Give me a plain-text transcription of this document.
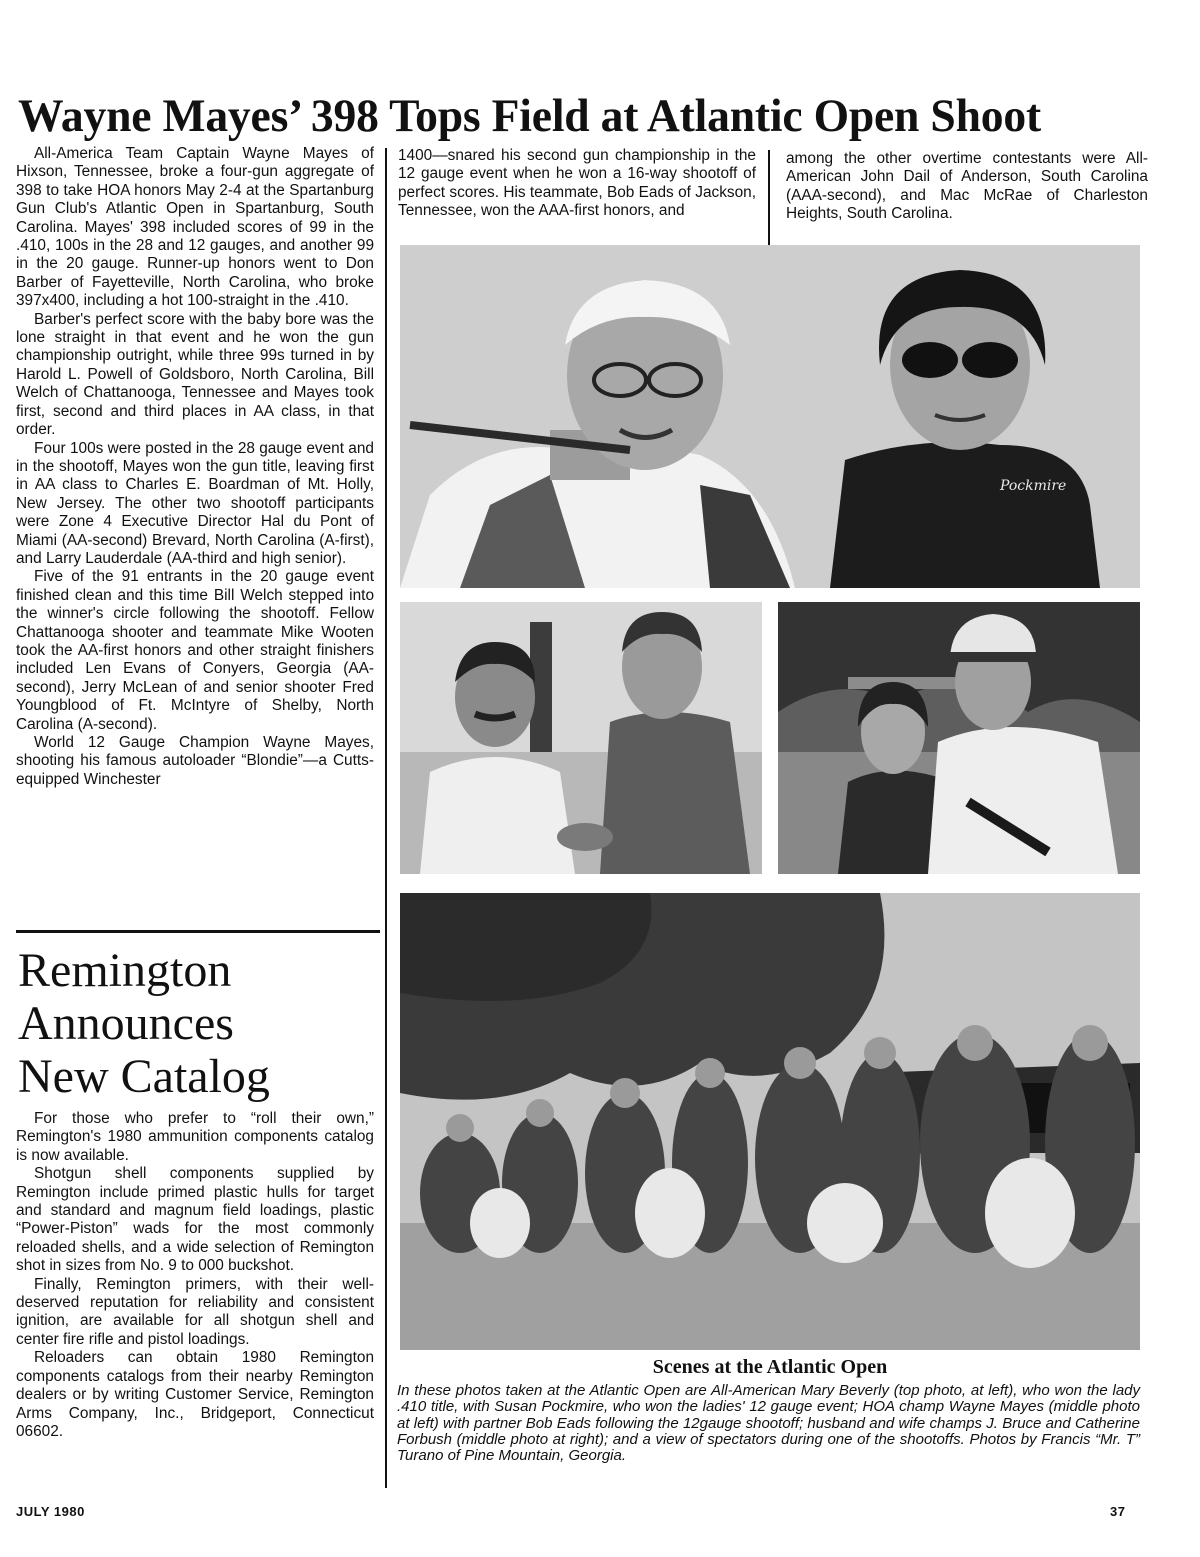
Wayne Mayes’ 398 Tops Field at Atlantic Open Shoot

All-America Team Captain Wayne Mayes of Hixson, Tennessee, broke a four-gun aggregate of 398 to take HOA honors May 2-4 at the Spartanburg Gun Club's Atlantic Open in Spartanburg, South Carolina. Mayes' 398 included scores of 99 in the .410, 100s in the 28 and 12 gauges, and another 99 in the 20 gauge. Runner-up honors went to Don Barber of Fayetteville, North Carolina, who broke 397x400, including a hot 100-straight in the .410.

Barber's perfect score with the baby bore was the lone straight in that event and he won the gun championship outright, while three 99s turned in by Harold L. Powell of Goldsboro, North Carolina, Bill Welch of Chattanooga, Tennessee and Mayes took first, second and third places in AA class, in that order.

Four 100s were posted in the 28 gauge event and in the shootoff, Mayes won the gun title, leaving first in AA class to Charles E. Boardman of Mt. Holly, New Jersey. The other two shootoff participants were Zone 4 Executive Director Hal du Pont of Miami (AA-second) Brevard, North Carolina (A-first), and Larry Lauderdale (AA-third and high senior).

Five of the 91 entrants in the 20 gauge event finished clean and this time Bill Welch stepped into the winner's circle following the shootoff. Fellow Chattanooga shooter and teammate Mike Wooten took the AA-first honors and other straight finishers included Len Evans of Conyers, Georgia (AA-second), Jerry McLean of and senior shooter Fred Youngblood of Ft. McIntyre of Shelby, North Carolina (A-second).

World 12 Gauge Champion Wayne Mayes, shooting his famous autoloader “Blondie”—a Cutts-equipped Winchester

1400—snared his second gun championship in the 12 gauge event when he won a 16-way shootoff of perfect scores. His teammate, Bob Eads of Jackson, Tennessee, won the AAA-first honors, and

among the other overtime contestants were All-American John Dail of Anderson, South Carolina (AAA-second), and Mac McRae of Charleston Heights, South Carolina.

Remington
Announces
New Catalog

For those who prefer to “roll their own,” Remington's 1980 ammunition components catalog is now available.

Shotgun shell components supplied by Remington include primed plastic hulls for target and standard and magnum field loadings, plastic “Power-Piston” wads for the most commonly reloaded shells, and a wide selection of Remington shot in sizes from No. 9 to 000 buckshot.

Finally, Remington primers, with their well-deserved reputation for reliability and consistent ignition, are available for all shotgun shell and center fire rifle and pistol loadings.

Reloaders can obtain 1980 Remington components catalogs from their nearby Remington dealers or by writing Customer Service, Remington Arms Company, Inc., Bridgeport, Connecticut 06602.

Pockmire
Scenes at the Atlantic Open
In these photos taken at the Atlantic Open are All-American Mary Beverly (top photo, at left), who won the lady .410 title, with Susan Pockmire, who won the ladies' 12 gauge event; HOA champ Wayne Mayes (middle photo at left) with partner Bob Eads following the 12gauge shootoff; husband and wife champs J. Bruce and Catherine Forbush (middle photo at right); and a view of spectators during one of the shootoffs. Photos by Francis “Mr. T” Turano of Pine Mountain, Georgia.
JULY 1980	37
